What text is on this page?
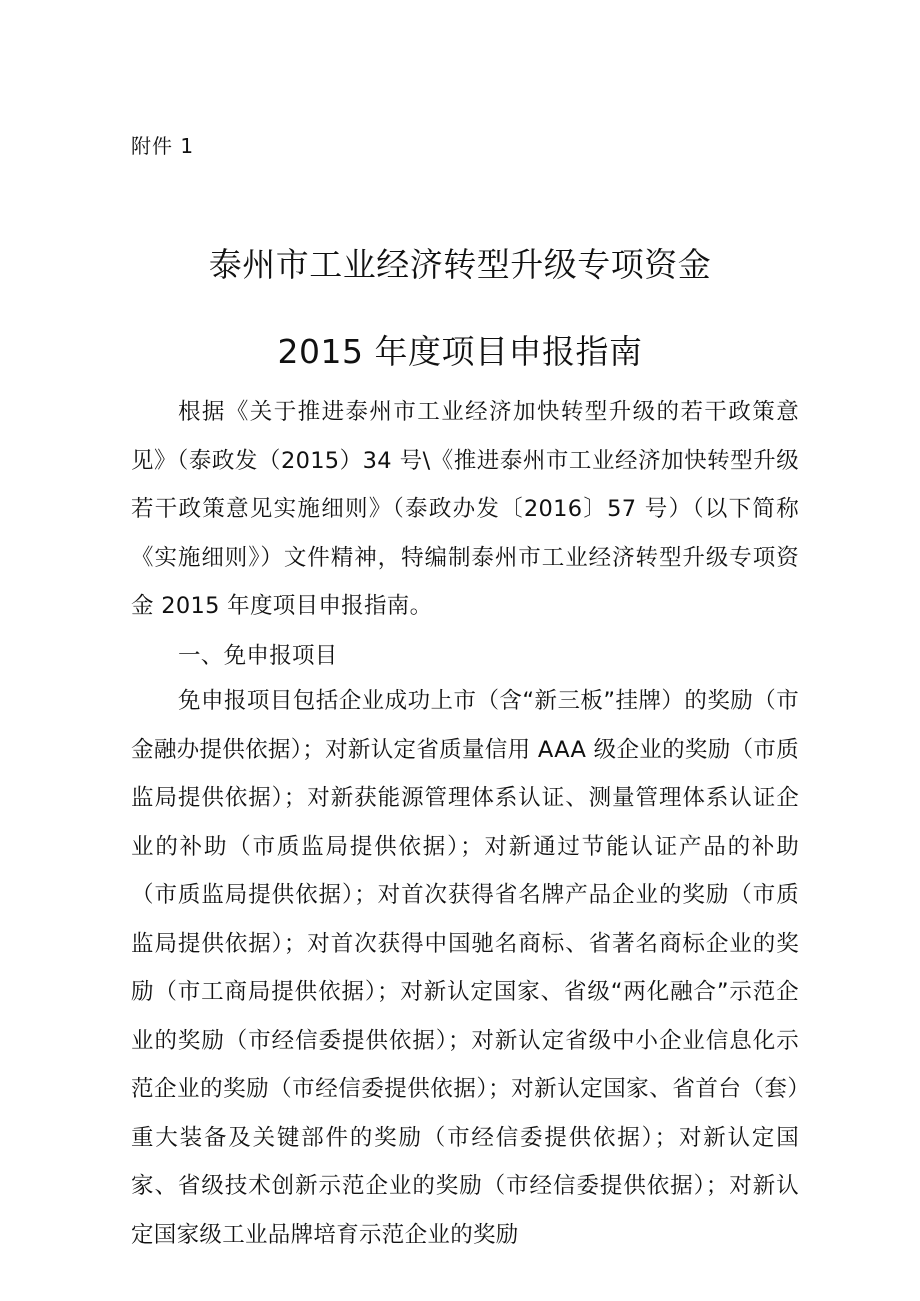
附件 1
泰州市工业经济转型升级专项资金
2015 年度项目申报指南
根据《关于推进泰州市工业经济加快转型升级的若干政策意见》（泰政发（2015）34 号\《推进泰州市工业经济加快转型升级若干政策意见实施细则》（泰政办发〔2016〕57 号）（以下简称《实施细则》）文件精神，特编制泰州市工业经济转型升级专项资金 2015 年度项目申报指南。
一、免申报项目
免申报项目包括企业成功上市（含“新三板”挂牌）的奖励（市金融办提供依据）；对新认定省质量信用 AAA 级企业的奖励（市质监局提供依据）；对新获能源管理体系认证、测量管理体系认证企业的补助（市质监局提供依据）；对新通过节能认证产品的补助（市质监局提供依据）；对首次获得省名牌产品企业的奖励（市质监局提供依据）；对首次获得中国驰名商标、省著名商标企业的奖励（市工商局提供依据）；对新认定国家、省级“两化融合”示范企业的奖励（市经信委提供依据）；对新认定省级中小企业信息化示范企业的奖励（市经信委提供依据）；对新认定国家、省首台（套）重大装备及关键部件的奖励（市经信委提供依据）；对新认定国家、省级技术创新示范企业的奖励（市经信委提供依据）；对新认定国家级工业品牌培育示范企业的奖励
